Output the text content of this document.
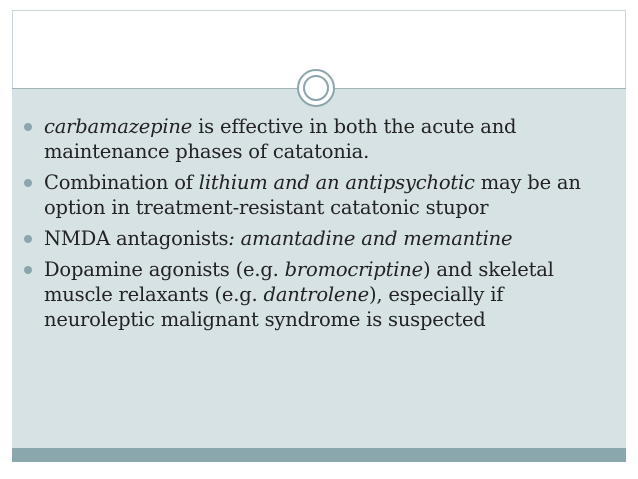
carbamazepine is effective in both the acute and maintenance phases of catatonia.
Combination of lithium and an antipsychotic may be an option in treatment-resistant catatonic stupor
NMDA antagonists: amantadine and memantine
Dopamine agonists (e.g. bromocriptine) and skeletal muscle relaxants (e.g. dantrolene), especially if neuroleptic malignant syndrome is suspected
